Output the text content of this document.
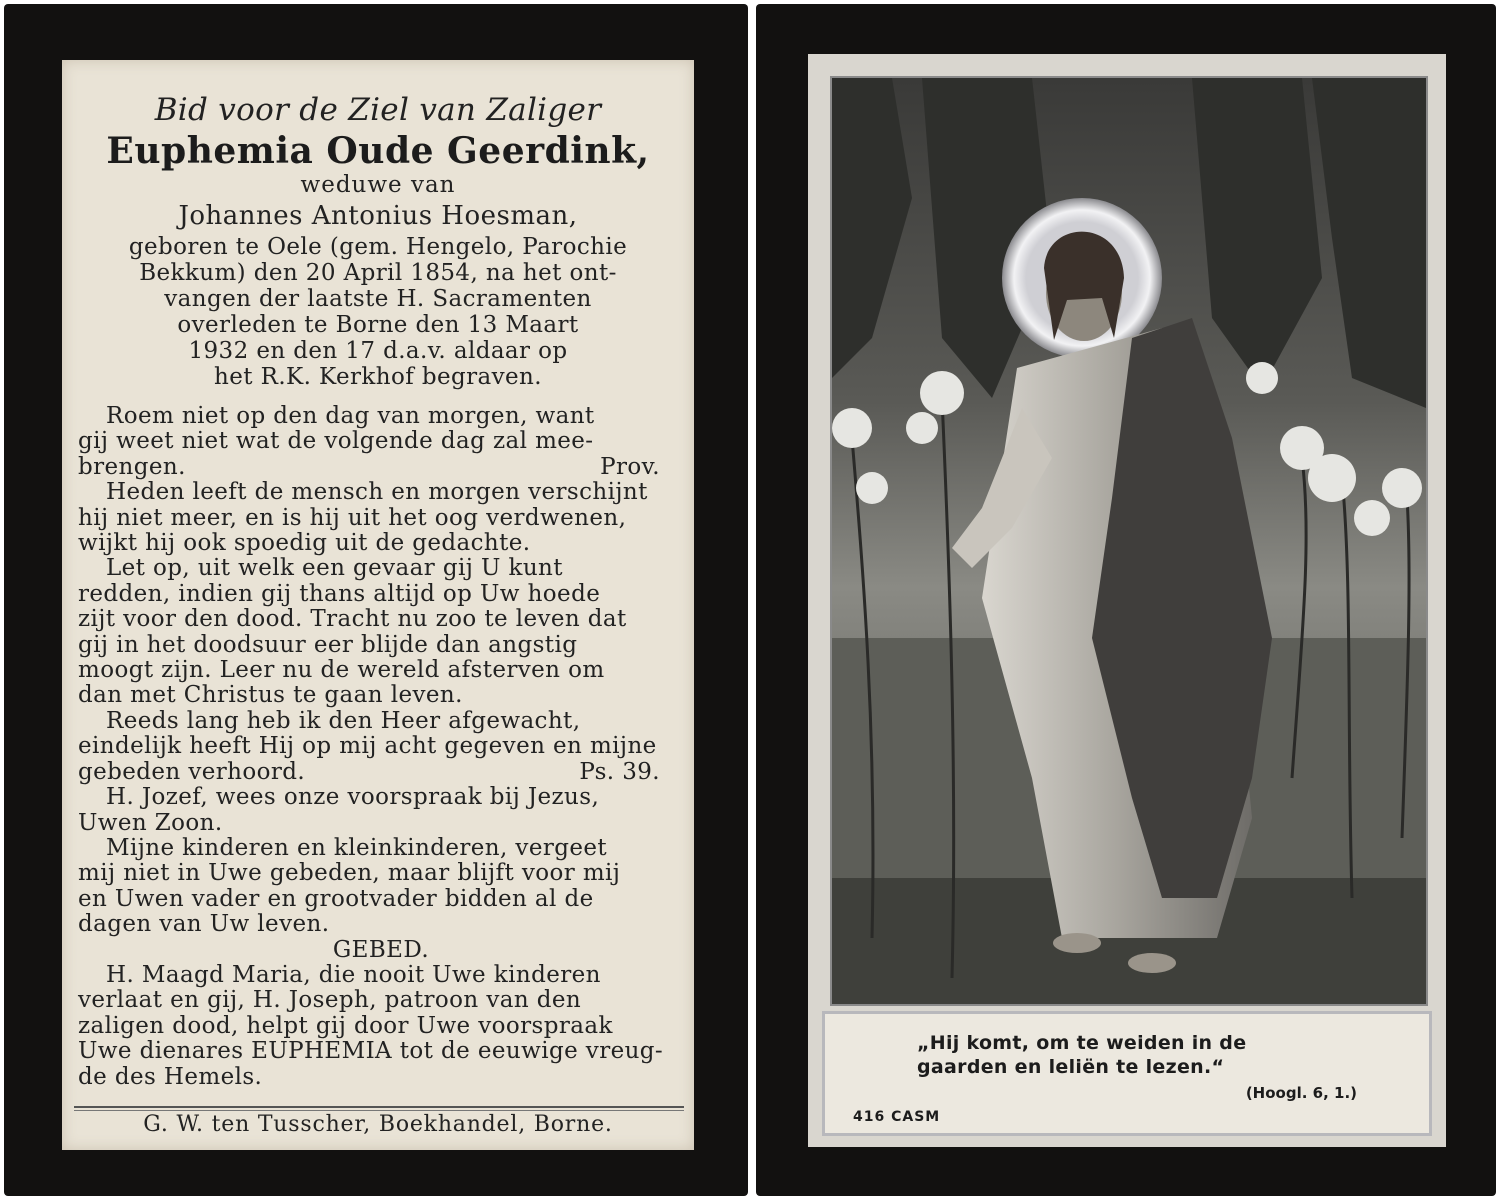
Bid voor de Ziel van Zaliger
Euphemia Oude Geerdink,
weduwe van
Johannes Antonius Hoesman,
geboren te Oele (gem. Hengelo, Parochie
Bekkum) den 20 April 1854, na het ont-
vangen der laatste H. Sacramenten
overleden te Borne den 13 Maart
1932 en den 17 d.a.v. aldaar op
het R.K. Kerkhof begraven.
Roem niet op den dag van morgen, want
gij weet niet wat de volgende dag zal mee-
brengen.	Prov.
Heden leeft de mensch en morgen verschijnt
hij niet meer, en is hij uit het oog verdwenen,
wijkt hij ook spoedig uit de gedachte.
Let op, uit welk een gevaar gij U kunt
redden, indien gij thans altijd op Uw hoede
zijt voor den dood. Tracht nu zoo te leven dat
gij in het doodsuur eer blijde dan angstig
moogt zijn. Leer nu de wereld afsterven om
dan met Christus te gaan leven.
Reeds lang heb ik den Heer afgewacht,
eindelijk heeft Hij op mij acht gegeven en mijne
gebeden verhoord.	Ps. 39.
H. Jozef, wees onze voorspraak bij Jezus,
Uwen Zoon.
Mijne kinderen en kleinkinderen, vergeet
mij niet in Uwe gebeden, maar blijft voor mij
en Uwen vader en grootvader bidden al de
dagen van Uw leven.
GEBED.
H. Maagd Maria, die nooit Uwe kinderen
verlaat en gij, H. Joseph, patroon van den
zaligen dood, helpt gij door Uwe voorspraak
Uwe dienares EUPHEMIA tot de eeuwige vreug-
de des Hemels.
G. W. ten Tusscher, Boekhandel, Borne.
„Hij komt, om te weiden in de
gaarden en leliën te lezen.“
(Hoogl. 6, 1.)
416 CASM
